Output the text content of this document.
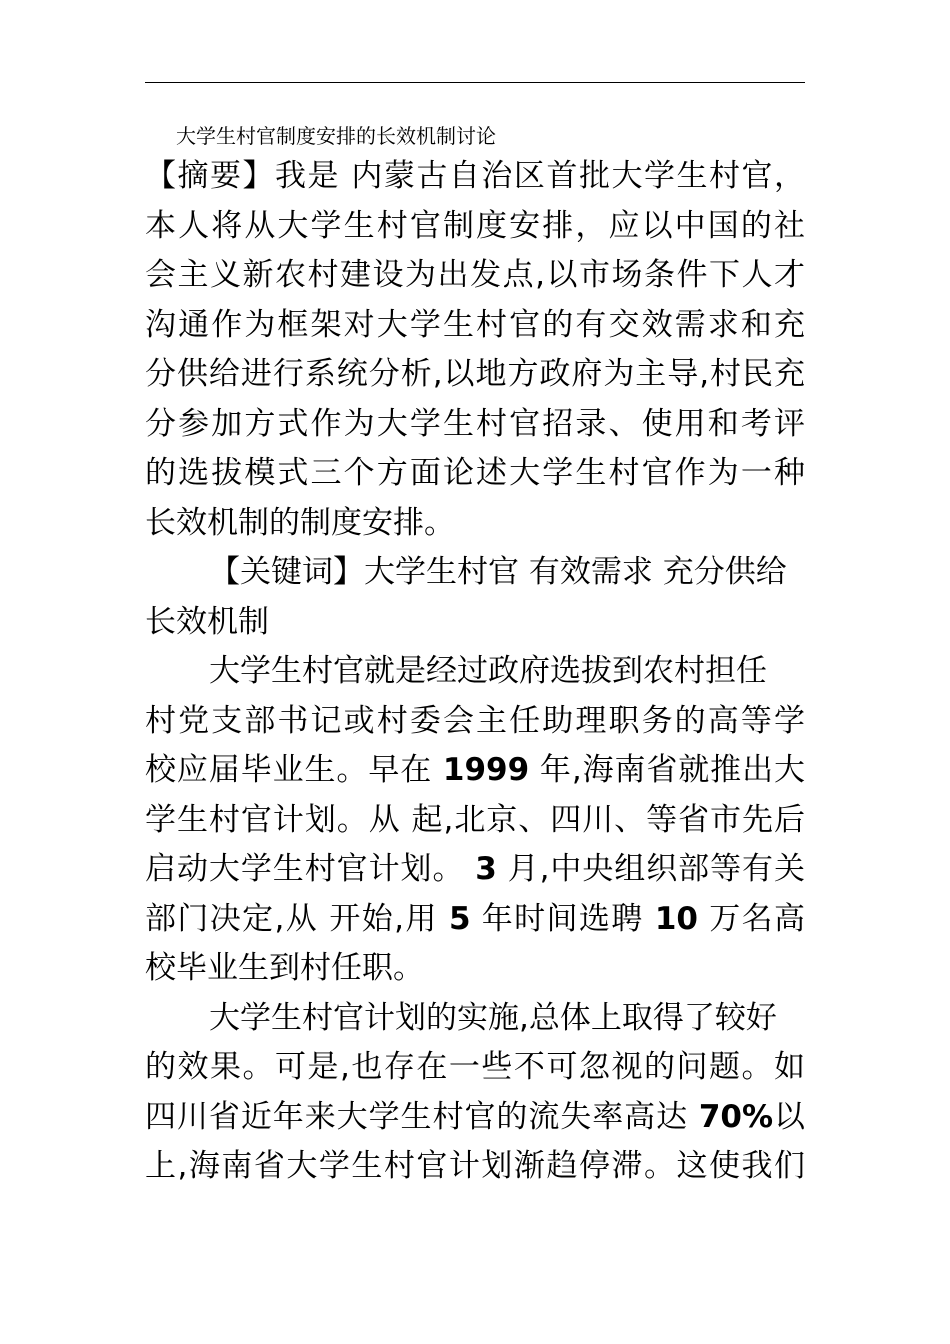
大学生村官制度安排的长效机制讨论

【摘要】我是 内蒙古自治区首批大学生村官，
本人将从大学生村官制度安排，应以中国的社
会主义新农村建设为出发点,以市场条件下人才
沟通作为框架对大学生村官的有交效需求和充
分供给进行系统分析,以地方政府为主导,村民充
分参加方式作为大学生村官招录、使用和考评
的选拔模式三个方面论述大学生村官作为一种
长效机制的制度安排。

【关键词】大学生村官 有效需求 充分供给
长效机制

大学生村官就是经过政府选拔到农村担任
村党支部书记或村委会主任助理职务的高等学
校应届毕业生。早在 1999 年,海南省就推出大
学生村官计划。从 起,北京、四川、等省市先后
启动大学生村官计划。 3 月,中央组织部等有关
部门决定,从 开始,用 5 年时间选聘 10 万名高
校毕业生到村任职。

大学生村官计划的实施,总体上取得了较好
的效果。可是,也存在一些不可忽视的问题。如
四川省近年来大学生村官的流失率高达 70%以
上,海南省大学生村官计划渐趋停滞。这使我们
